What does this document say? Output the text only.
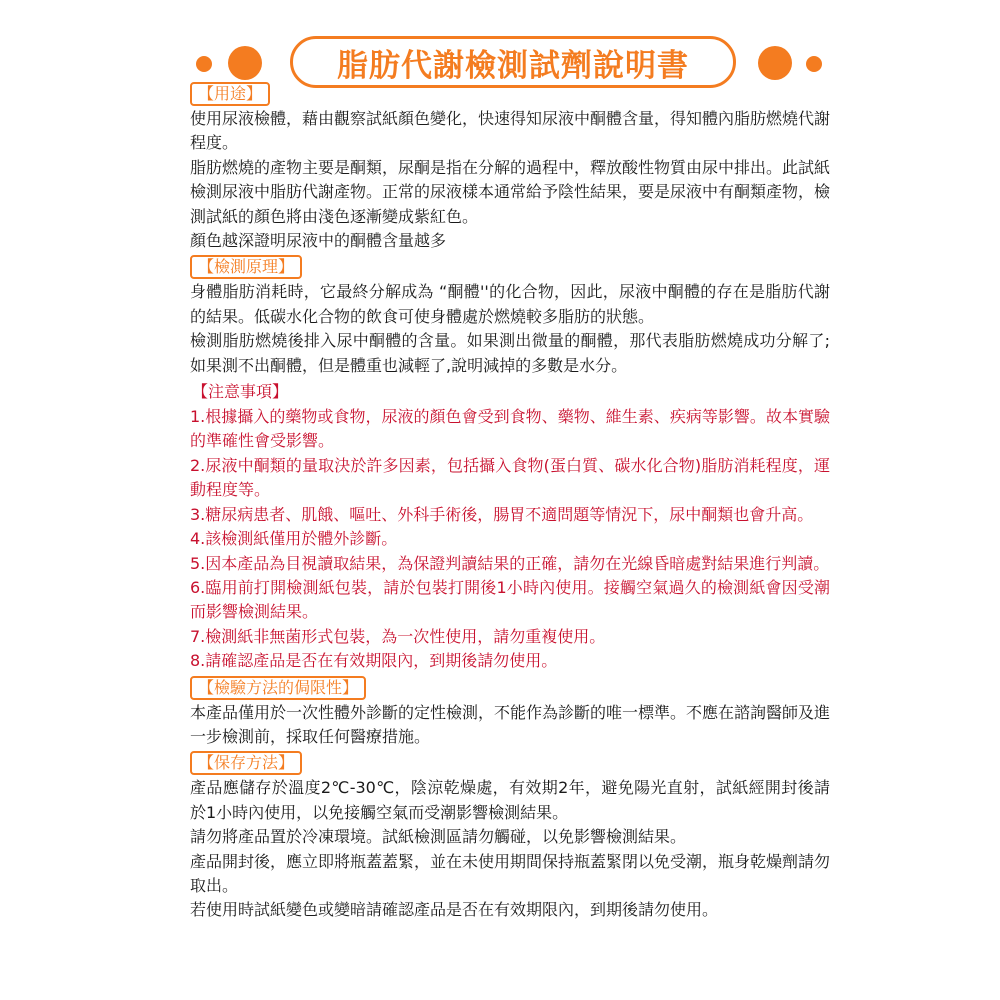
脂肪代謝檢測試劑說明書
【用途】

使用尿液檢體，藉由觀察試紙顏色變化，快速得知尿液中酮體含量，得知體內脂肪燃燒代謝程度。

脂肪燃燒的產物主要是酮類，尿酮是指在分解的過程中，釋放酸性物質由尿中排出。此試紙檢測尿液中脂肪代謝產物。正常的尿液樣本通常給予陰性結果，要是尿液中有酮類產物，檢測試紙的顏色將由淺色逐漸變成紫紅色。

顏色越深證明尿液中的酮體含量越多

【檢測原理】

身體脂肪消耗時，它最終分解成為 “酮體''的化合物，因此，尿液中酮體的存在是脂肪代謝的結果。低碳水化合物的飲食可使身體處於燃燒較多脂肪的狀態。

檢測脂肪燃燒後排入尿中酮體的含量。如果測出微量的酮體，那代表脂肪燃燒成功分解了;如果測不出酮體，但是體重也減輕了,說明減掉的多數是水分。

【注意事項】

1.根據攝入的藥物或食物，尿液的顏色會受到食物、藥物、維生素、疾病等影響。故本實驗的準確性會受影響。

2.尿液中酮類的量取決於許多因素，包括攝入食物(蛋白質、碳水化合物)脂肪消耗程度，運動程度等。

3.糖尿病患者、肌餓、嘔吐、外科手術後，腸胃不適問題等情況下，尿中酮類也會升高。

4.該檢測紙僅用於體外診斷。

5.因本產品為目視讀取結果，為保證判讀結果的正確，請勿在光線昏暗處對結果進行判讀。

6.臨用前打開檢測紙包裝，請於包裝打開後1小時內使用。接觸空氣過久的檢測紙會因受潮而影響檢測結果。

7.檢測紙非無菌形式包裝，為一次性使用，請勿重複使用。

8.請確認產品是否在有效期限內，到期後請勿使用。

【檢驗方法的侷限性】

本產品僅用於一次性體外診斷的定性檢測，不能作為診斷的唯一標準。不應在諮詢醫師及進一步檢測前，採取任何醫療措施。

【保存方法】

產品應儲存於溫度2℃-30℃，陰涼乾燥處，有效期2年，避免陽光直射，試紙經開封後請於1小時內使用，以免接觸空氣而受潮影響檢測結果。

請勿將產品置於冷凍環境。試紙檢測區請勿觸碰，以免影響檢測結果。

產品開封後，應立即將瓶蓋蓋緊，並在未使用期間保持瓶蓋緊閉以免受潮，瓶身乾燥劑請勿取出。

若使用時試紙變色或變暗請確認產品是否在有效期限內，到期後請勿使用。
